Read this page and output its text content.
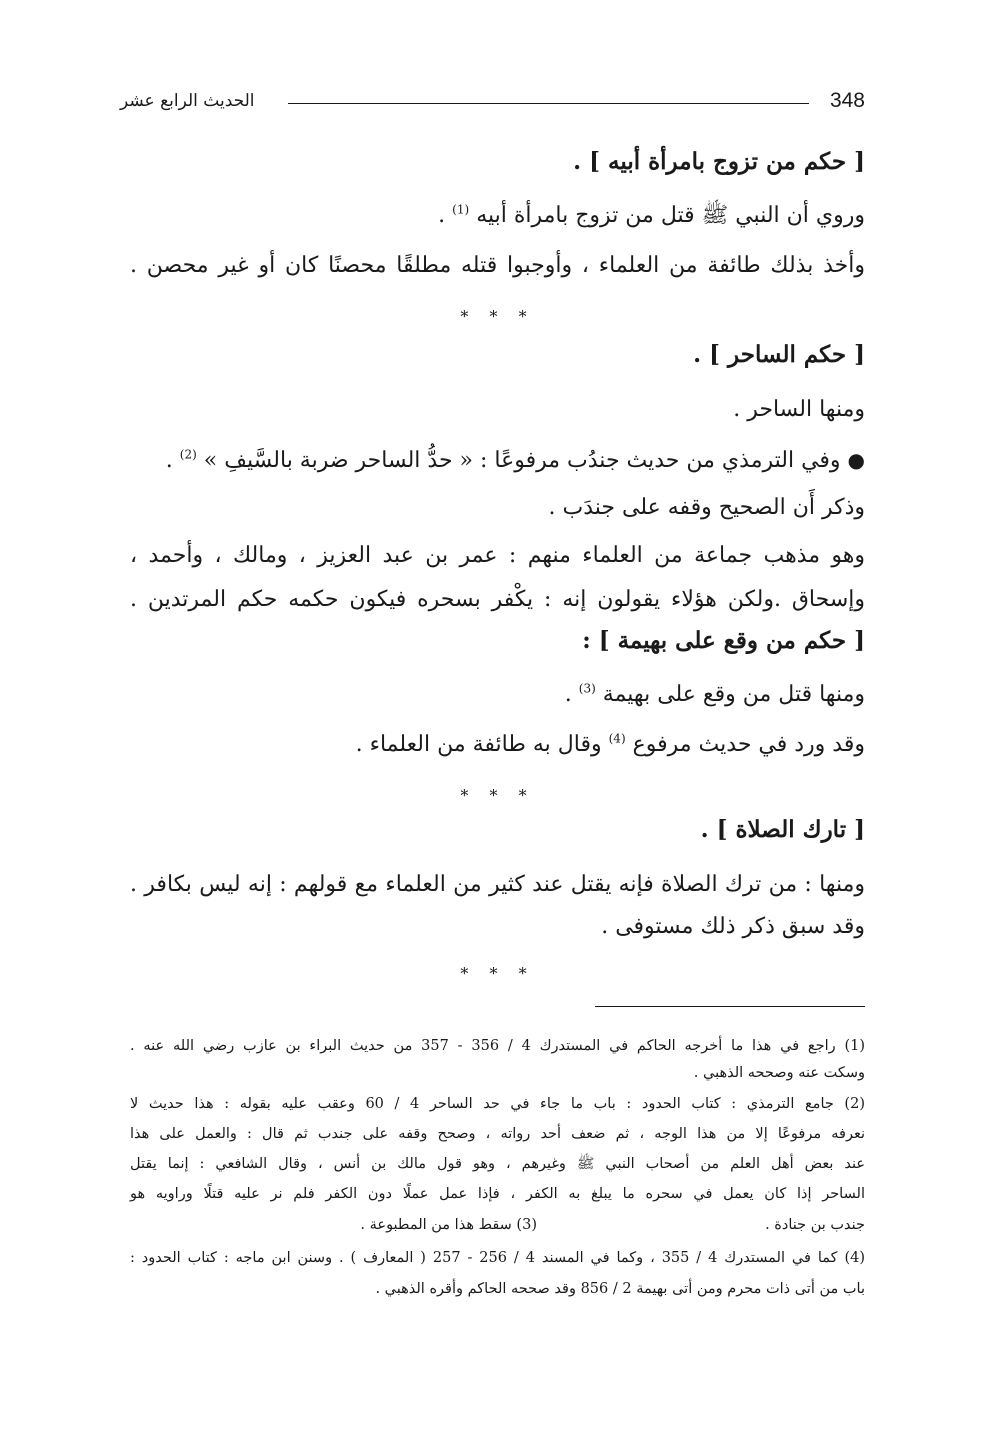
348
الحديث الرابع عشر
[ حكم من تزوج بامرأة أبيه ] .
وروي أن النبي ﷺ قتل من تزوج بامرأة أبيه $^{(1)}$ .
وأخذ بذلك طائفة من العلماء ، وأوجبوا قتله مطلقًا محصنًا كان أو غير محصن .
* * *
[ حكم الساحر ] .
ومنها الساحر .
● وفي الترمذي من حديث جندُب مرفوعًا : « حدُّ الساحر ضربة بالسَّيفِ » $^{(2)}$ .
وذكر أَن الصحيح وقفه على جندَب .
وهو مذهب جماعة من العلماء منهم : عمر بن عبد العزيز ، ومالك ، وأحمد ،
وإسحاق .ولكن هؤلاء يقولون إنه : يكْفر بسحره فيكون حكمه حكم المرتدين .
[ حكم من وقع على بهيمة ] :
ومنها قتل من وقع على بهيمة $^{(3)}$ .
وقد ورد في حديث مرفوع $^{(4)}$ وقال به طائفة من العلماء .
* * *
[ تارك الصلاة ] .
ومنها : من ترك الصلاة فإنه يقتل عند كثير من العلماء مع قولهم : إنه ليس بكافر .
وقد سبق ذكر ذلك مستوفى .
* * *
(1) راجع في هذا ما أخرجه الحاكم في المستدرك 4 / 356 - 357 من حديث البراء بن عازب رضي الله عنه .
وسكت عنه وصححه الذهبي .
(2) جامع الترمذي : كتاب الحدود : باب ما جاء في حد الساحر 4 / 60 وعقب عليه بقوله : هذا حديث لا
نعرفه مرفوعًا إلا من هذا الوجه ، ثم ضعف أحد رواته ، وصحح وقفه على جندب ثم قال : والعمل على هذا
عند بعض أهل العلم من أصحاب النبي ﷺ وغيرهم ، وهو قول مالك بن أنس ، وقال الشافعي : إنما يقتل
الساحر إذا كان يعمل في سحره ما يبلغ به الكفر ، فإذا عمل عملًا دون الكفر فلم نر عليه قتلًا وراويه هو
جندب بن جنادة .
(3) سقط هذا من المطبوعة .
(4) كما في المستدرك 4 / 355 ، وكما في المسند 4 / 256 - 257 ( المعارف ) . وسنن ابن ماجه : كتاب الحدود :
باب من أتى ذات محرم ومن أتى بهيمة 2 / 856 وقد صححه الحاكم وأقره الذهبي .
